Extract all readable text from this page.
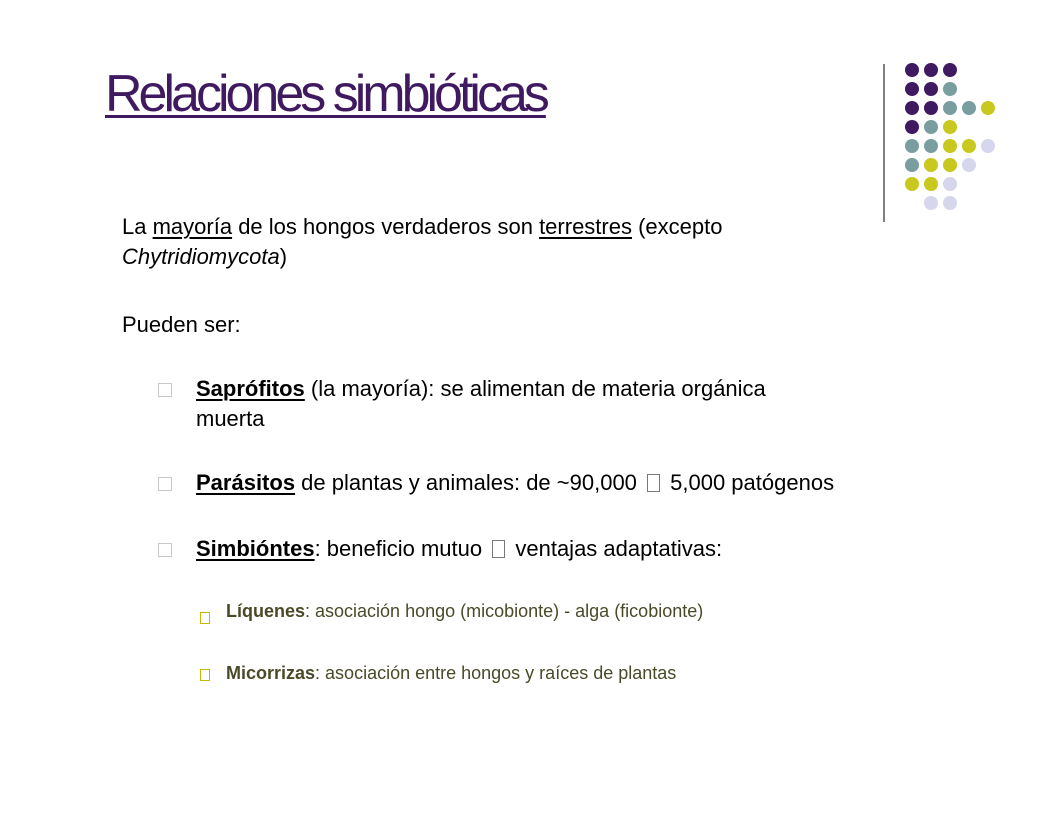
Relaciones simbióticas
La mayoría de los hongos verdaderos son terrestres (excepto
Chytridiomycota)
Pueden ser:
Saprófitos (la mayoría): se alimentan de materia orgánica
muerta
Parásitos de plantas y animales: de ~90,000  5,000 patógenos
Simbióntes: beneficio mutuo  ventajas adaptativas:
Líquenes: asociación hongo (micobionte) - alga (ficobionte)
Micorrizas: asociación entre hongos y raíces de plantas
